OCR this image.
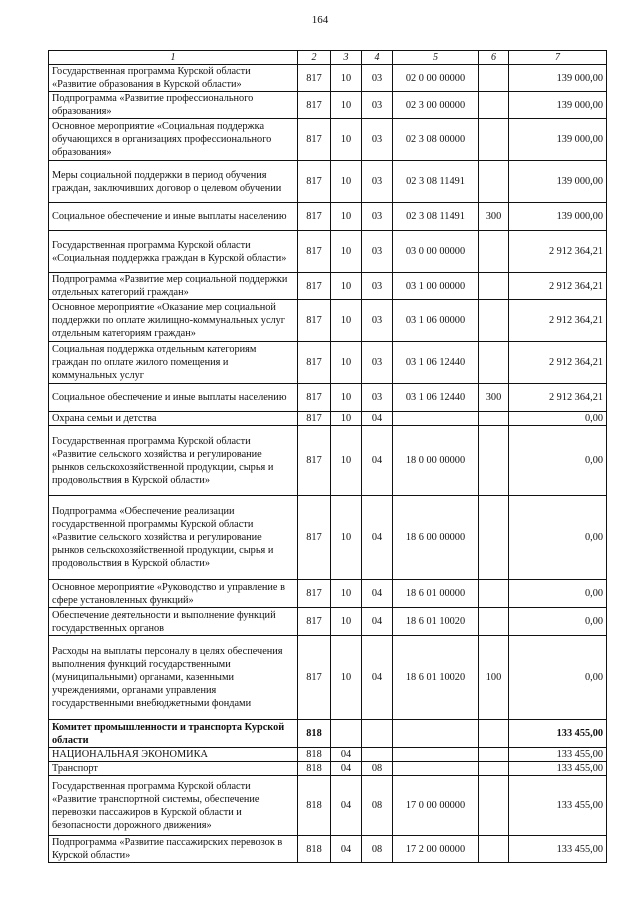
164
1	2	3	4	5	6	7
Государственная программа Курской области «Развитие образования в Курской области»	817	10	03	02 0 00 00000		139 000,00
Подпрограмма «Развитие профессионального образования»	817	10	03	02 3 00 00000		139 000,00
Основное мероприятие «Социальная поддержка обучающихся в организациях профессионального образования»	817	10	03	02 3 08 00000		139 000,00
Меры социальной поддержки в период обучения граждан, заключивших договор о целевом обучении	817	10	03	02 3 08 11491		139 000,00
Социальное обеспечение и иные выплаты населению	817	10	03	02 3 08 11491	300	139 000,00
Государственная программа Курской области «Социальная поддержка граждан в Курской области»	817	10	03	03 0 00 00000		2 912 364,21
Подпрограмма «Развитие мер социальной поддержки отдельных категорий граждан»	817	10	03	03 1 00 00000		2 912 364,21
Основное мероприятие «Оказание мер социальной поддержки по оплате жилищно-коммунальных услуг отдельным категориям граждан»	817	10	03	03 1 06 00000		2 912 364,21
Социальная поддержка отдельным категориям граждан по оплате жилого помещения и коммунальных услуг	817	10	03	03 1 06 12440		2 912 364,21
Социальное обеспечение и иные выплаты населению	817	10	03	03 1 06 12440	300	2 912 364,21
Охрана семьи и детства	817	10	04			0,00
Государственная программа Курской области «Развитие сельского хозяйства и регулирование рынков сельскохозяйственной продукции, сырья и продовольствия в Курской области»	817	10	04	18 0 00 00000		0,00
Подпрограмма «Обеспечение реализации государственной программы Курской области «Развитие сельского хозяйства и регулирование рынков сельскохозяйственной продукции, сырья и продовольствия в Курской области»	817	10	04	18 6 00 00000		0,00
Основное мероприятие «Руководство и управление в сфере установленных функций»	817	10	04	18 6 01 00000		0,00
Обеспечение деятельности и выполнение функций государственных органов	817	10	04	18 6 01 10020		0,00
Расходы на выплаты персоналу в целях обеспечения выполнения функций государственными (муниципальными) органами, казенными учреждениями, органами управления государственными внебюджетными фондами	817	10	04	18 6 01 10020	100	0,00
Комитет промышленности и транспорта Курской области	818					133 455,00
НАЦИОНАЛЬНАЯ ЭКОНОМИКА	818	04				133 455,00
Транспорт	818	04	08			133 455,00
Государственная программа Курской области «Развитие транспортной системы, обеспечение перевозки пассажиров в Курской области и безопасности дорожного движения»	818	04	08	17 0 00 00000		133 455,00
Подпрограмма «Развитие пассажирских перевозок в Курской области»	818	04	08	17 2 00 00000		133 455,00
